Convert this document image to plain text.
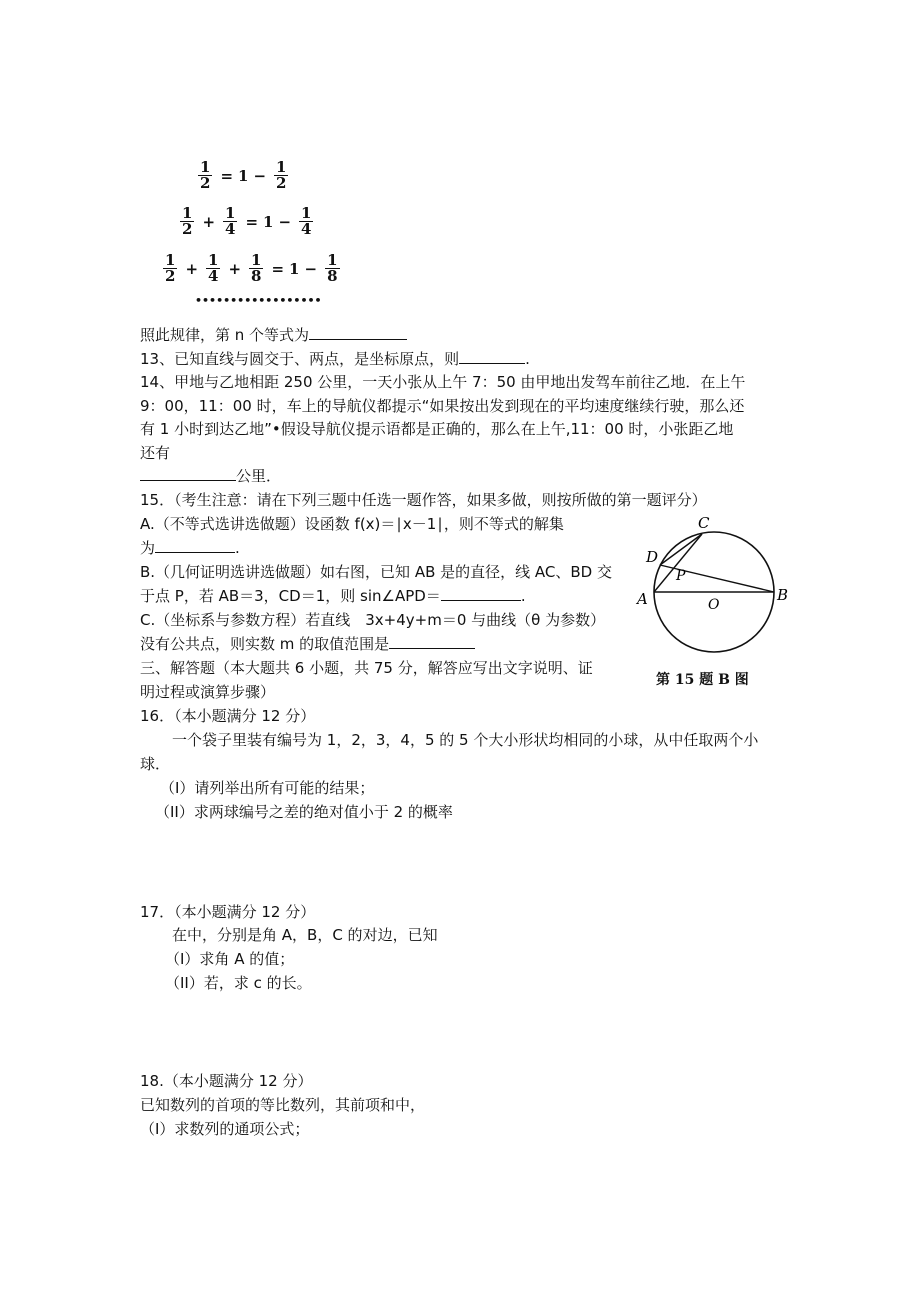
$\frac{1}{2} = 1 - \frac{1}{2}$
$\frac{1}{2} + \frac{1}{4} = 1 - \frac{1}{4}$
$\frac{1}{2} + \frac{1}{4} + \frac{1}{8} = 1 - \frac{1}{8}$
••••••••••••••••••
照此规律，第 n 个等式为
13、已知直线与圆交于、两点，是坐标原点，则	.
14、甲地与乙地相距 250 公里，一天小张从上午 7：50 由甲地出发驾车前往乙地．在上午
9：00，11：00 时，车上的导航仪都提示“如果按出发到现在的平均速度继续行驶，那么还
有 1 小时到达乙地”•假设导航仪提示语都是正确的，那么在上午,11：00 时，小张距乙地
还有
公里．
15．（考生注意：请在下列三题中任选一题作答，如果多做，则按所做的第一题评分）
A.（不等式选讲选做题）设函数 f(x)＝∣x－1∣，则不等式的解集
为	.
B.（几何证明选讲选做题）如右图，已知 AB 是的直径，线 AC、BD 交
于点 P，若 AB＝3，CD＝1，则 sin∠APD＝	.
C.（坐标系与参数方程）若直线　3x+4y+m＝0 与曲线（θ 为参数）
没有公共点，则实数 m 的取值范围是
三、解答题（本大题共 6 小题，共 75 分，解答应写出文字说明、证
明过程或演算步骤）
16．（本小题满分 12 分）
一个袋子里装有编号为 1，2，3，4，5 的 5 个大小形状均相同的小球，从中任取两个小
球．
（I）请列举出所有可能的结果；
（II）求两球编号之差的绝对值小于 2 的概率
17．（本小题满分 12 分）
在中，分别是角 A，B，C 的对边，已知
（I）求角 A 的值；
（II）若，求 c 的长。
18.（本小题满分 12 分）
已知数列的首项的等比数列，其前项和中，
（Ⅰ）求数列的通项公式；
C
D
P
A	O
B
第 15 题 B 图
